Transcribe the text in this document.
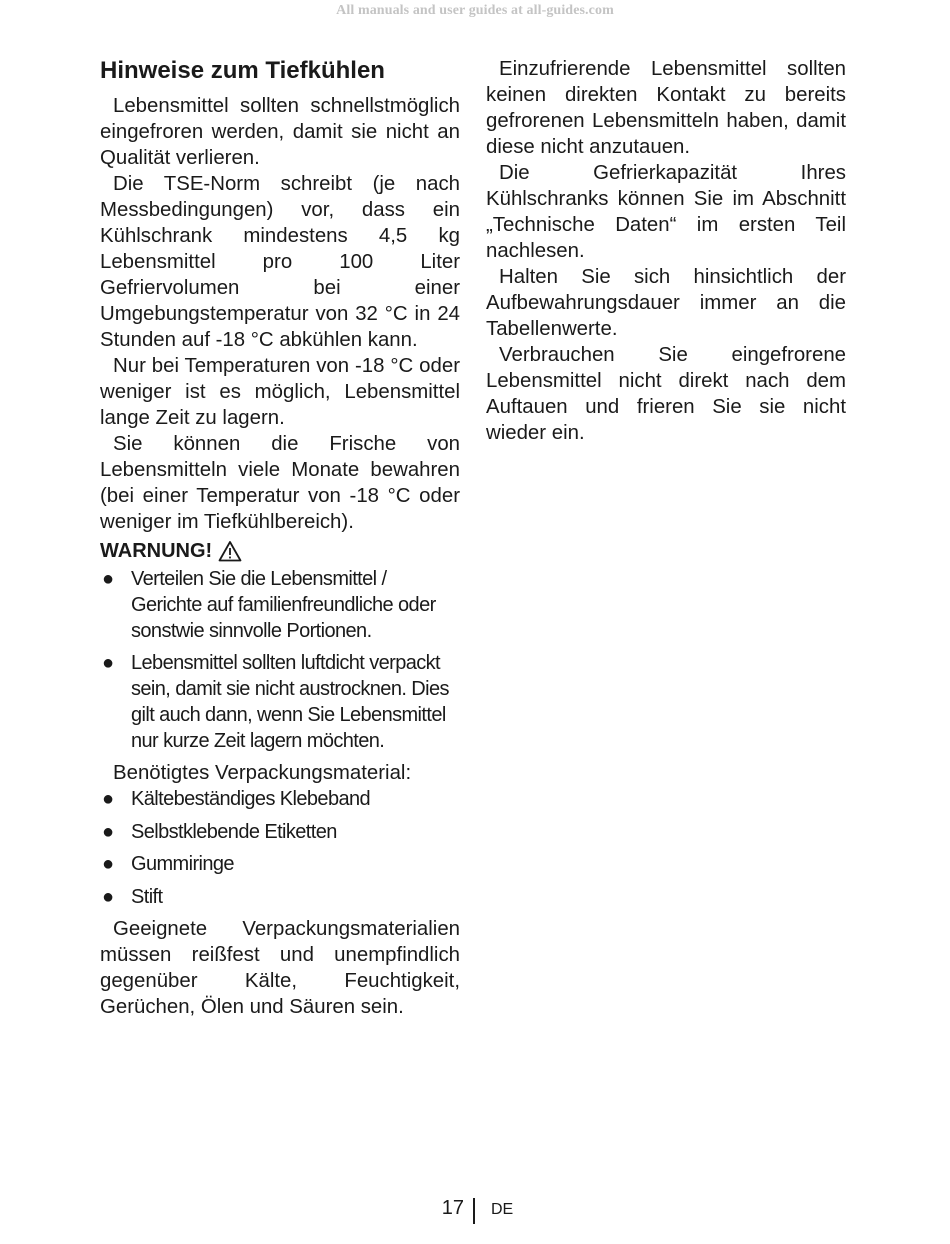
All manuals and user guides at all-guides.com
Hinweise zum Tiefkühlen

Lebensmittel sollten schnellstmöglich eingefroren werden, damit sie nicht an Qualität verlieren.

Die TSE-Norm schreibt (je nach Messbedingungen) vor, dass ein Kühlschrank mindestens 4,5 kg Lebensmittel pro 100 Liter Gefriervolumen bei einer Umgebungstemperatur von 32 °C in 24 Stunden auf -18 °C abkühlen kann.

Nur bei Temperaturen von -18 °C oder weniger ist es möglich, Lebensmittel lange Zeit zu lagern.

Sie können die Frische von Lebensmitteln viele Monate bewahren (bei einer Temperatur von -18 °C oder weniger im Tiefkühlbereich).

WARNUNG!
● Verteilen Sie die Lebensmittel / Gerichte auf familienfreundliche oder sonstwie sinnvolle Portionen.
● Lebensmittel sollten luftdicht verpackt sein, damit sie nicht austrocknen. Dies gilt auch dann, wenn Sie Lebensmittel nur kurze Zeit lagern möchten.

Benötigtes Verpackungsmaterial:

● Kältebeständiges Klebeband
● Selbstklebende Etiketten
● Gummiringe
● Stift

Geeignete Verpackungsmaterialien müssen reißfest und unempfindlich gegenüber Kälte, Feuchtigkeit, Gerüchen, Ölen und Säuren sein.

Einzufrierende Lebensmittel sollten keinen direkten Kontakt zu bereits gefrorenen Lebensmitteln haben, damit diese nicht anzutauen.

Die Gefrierkapazität Ihres Kühlschranks können Sie im Abschnitt „Technische Daten“ im ersten Teil nachlesen.

Halten Sie sich hinsichtlich der Aufbewahrungsdauer immer an die Tabellenwerte.

Verbrauchen Sie eingefrorene Lebensmittel nicht direkt nach dem Auftauen und frieren Sie sie nicht wieder ein.

17 DE
